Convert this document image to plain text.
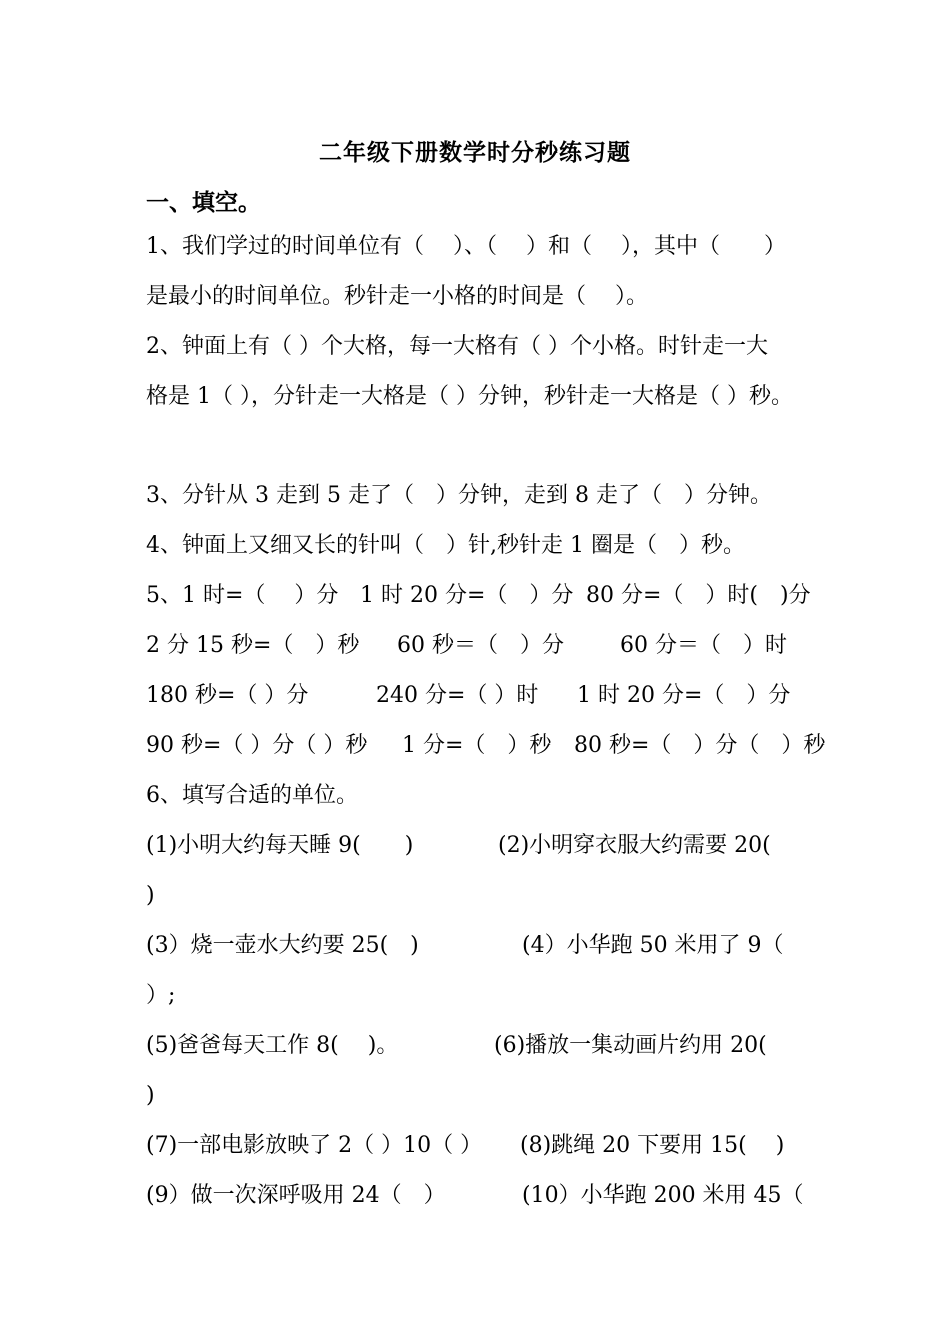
二年级下册数学时分秒练习题
一、填空。
1、我们学过的时间单位有（　 ）、（　 ）和（　 ），其中（　　）
是最小的时间单位。秒针走一小格的时间是（　 ）。
2、钟面上有（ ）个大格，每一大格有（ ）个小格。时针走一大
格是 1（ ），分针走一大格是（ ）分钟，秒针走一大格是（ ）秒。
3、分针从 3 走到 5 走了（　）分钟，走到 8 走了（　）分钟。
4、钟面上又细又长的针叫（　）针,秒针走 1 圈是（　）秒。
5、1 时=（　 ）分 1 时 20 分=（　）分 80 分=（　）时(　)分
2 分 15 秒=（　）秒 60 秒＝（　）分	60 分＝（　）时
180 秒=（ ）分	240 分=（ ）时 1 时 20 分=（　）分
90 秒=（ ）分（ ）秒 1 分=（　）秒 80 秒=（　）分（　）秒
6、填写合适的单位。
(1)小明大约每天睡 9(　　)	(2)小明穿衣服大约需要 20(
)
(3）烧一壶水大约要 25(　)	(4）小华跑 50 米用了 9（
）;
(5)爸爸每天工作 8(　 )。	(6)播放一集动画片约用 20(
)
(7)一部电影放映了 2（ ）10（ ） (8)跳绳 20 下要用 15(　 )
(9）做一次深呼吸用 24（　）	(10）小华跑 200 米用 45（
